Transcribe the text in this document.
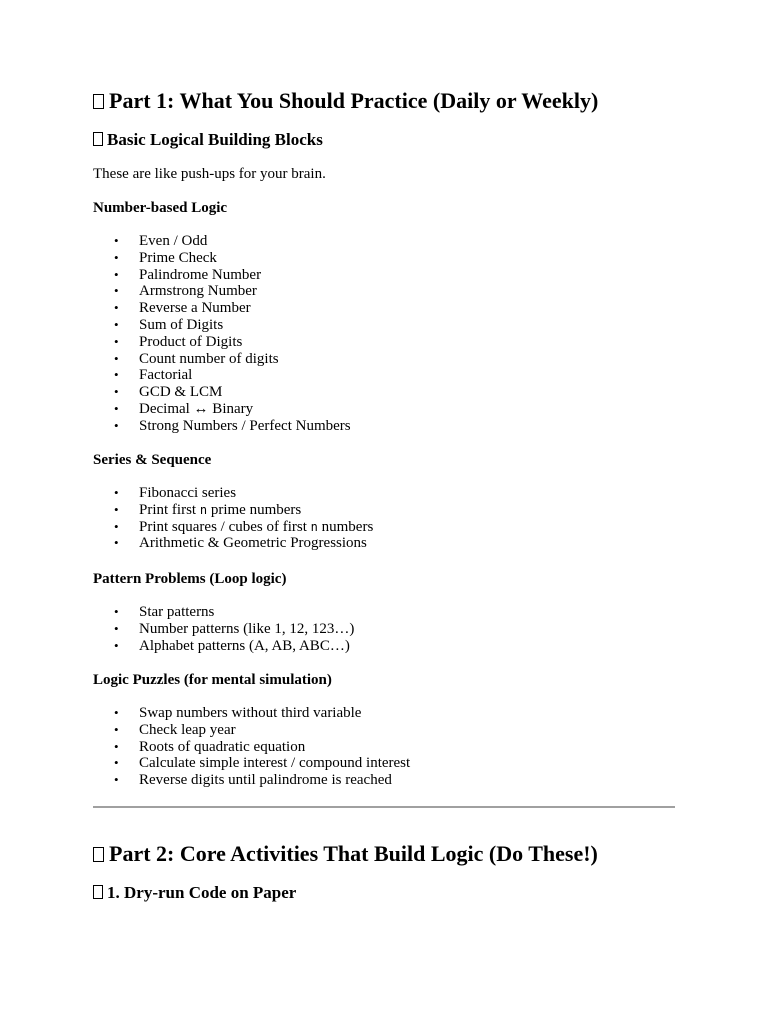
Part 1: What You Should Practice (Daily or Weekly)
Basic Logical Building Blocks
These are like push-ups for your brain.
Number-based Logic
• Even / Odd
• Prime Check
• Palindrome Number
• Armstrong Number
• Reverse a Number
• Sum of Digits
• Product of Digits
• Count number of digits
• Factorial
• GCD & LCM
• Decimal ↔ Binary
• Strong Numbers / Perfect Numbers
Series & Sequence
• Fibonacci series
• Print first n prime numbers
• Print squares / cubes of first n numbers
• Arithmetic & Geometric Progressions
Pattern Problems (Loop logic)
• Star patterns
• Number patterns (like 1, 12, 123…)
• Alphabet patterns (A, AB, ABC…)
Logic Puzzles (for mental simulation)
• Swap numbers without third variable
• Check leap year
• Roots of quadratic equation
• Calculate simple interest / compound interest
• Reverse digits until palindrome is reached
Part 2: Core Activities That Build Logic (Do These!)
1. Dry-run Code on Paper
